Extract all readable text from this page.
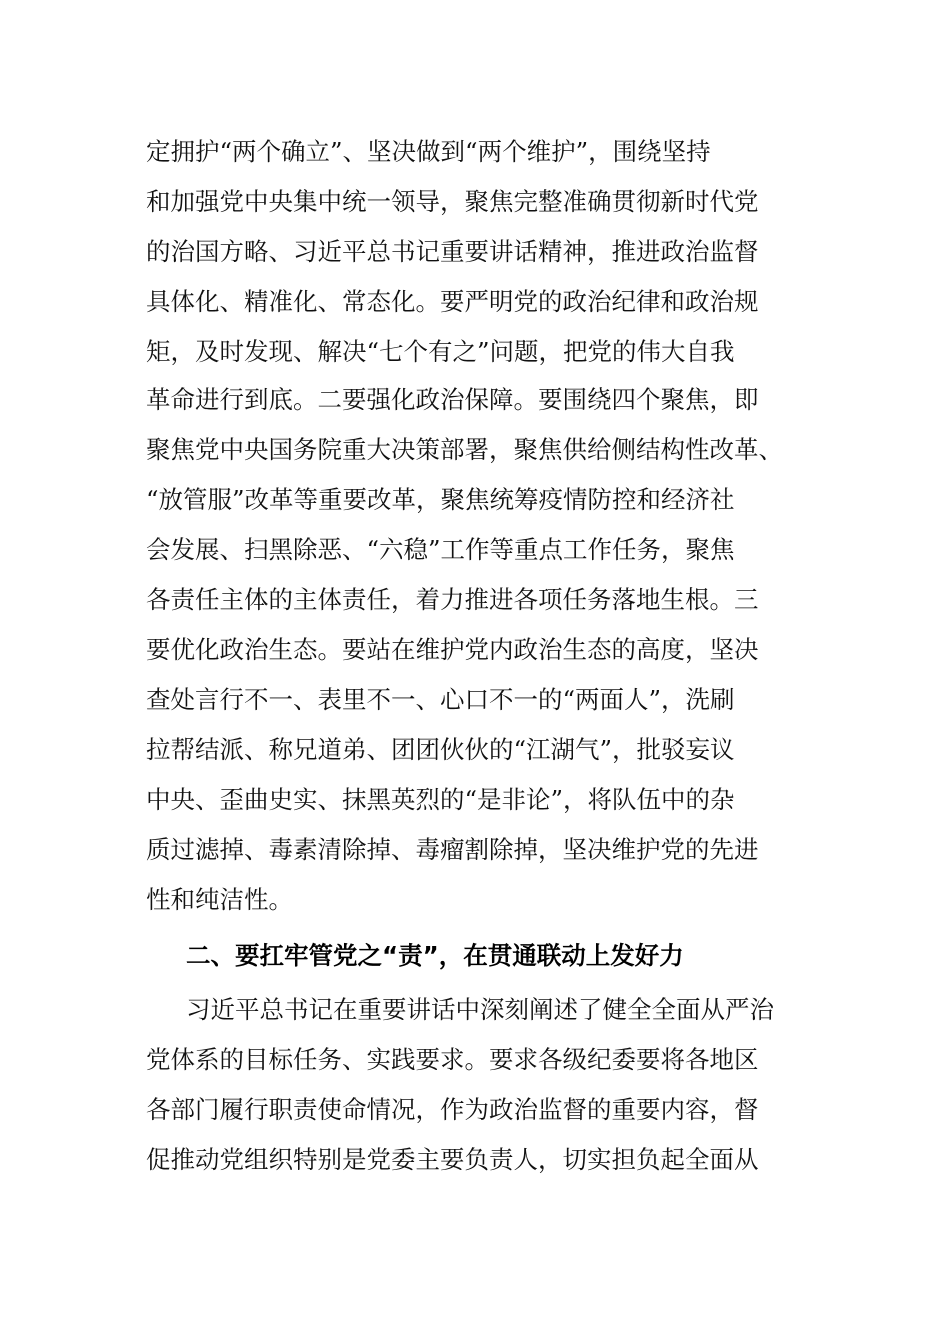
定拥护“两个确立”、坚决做到“两个维护”，围绕坚持
和加强党中央集中统一领导，聚焦完整准确贯彻新时代党
的治国方略、习近平总书记重要讲话精神，推进政治监督
具体化、精准化、常态化。要严明党的政治纪律和政治规
矩，及时发现、解决“七个有之”问题，把党的伟大自我
革命进行到底。二要强化政治保障。要围绕四个聚焦，即
聚焦党中央国务院重大决策部署，聚焦供给侧结构性改革、
“放管服”改革等重要改革，聚焦统筹疫情防控和经济社
会发展、扫黑除恶、“六稳”工作等重点工作任务，聚焦
各责任主体的主体责任，着力推进各项任务落地生根。三
要优化政治生态。要站在维护党内政治生态的高度，坚决
查处言行不一、表里不一、心口不一的“两面人”，洗刷
拉帮结派、称兄道弟、团团伙伙的“江湖气”，批驳妄议
中央、歪曲史实、抹黑英烈的“是非论”，将队伍中的杂
质过滤掉、毒素清除掉、毒瘤割除掉，坚决维护党的先进
性和纯洁性。
二、要扛牢管党之“责”，在贯通联动上发好力
习近平总书记在重要讲话中深刻阐述了健全全面从严治
党体系的目标任务、实践要求。要求各级纪委要将各地区
各部门履行职责使命情况，作为政治监督的重要内容，督
促推动党组织特别是党委主要负责人，切实担负起全面从
